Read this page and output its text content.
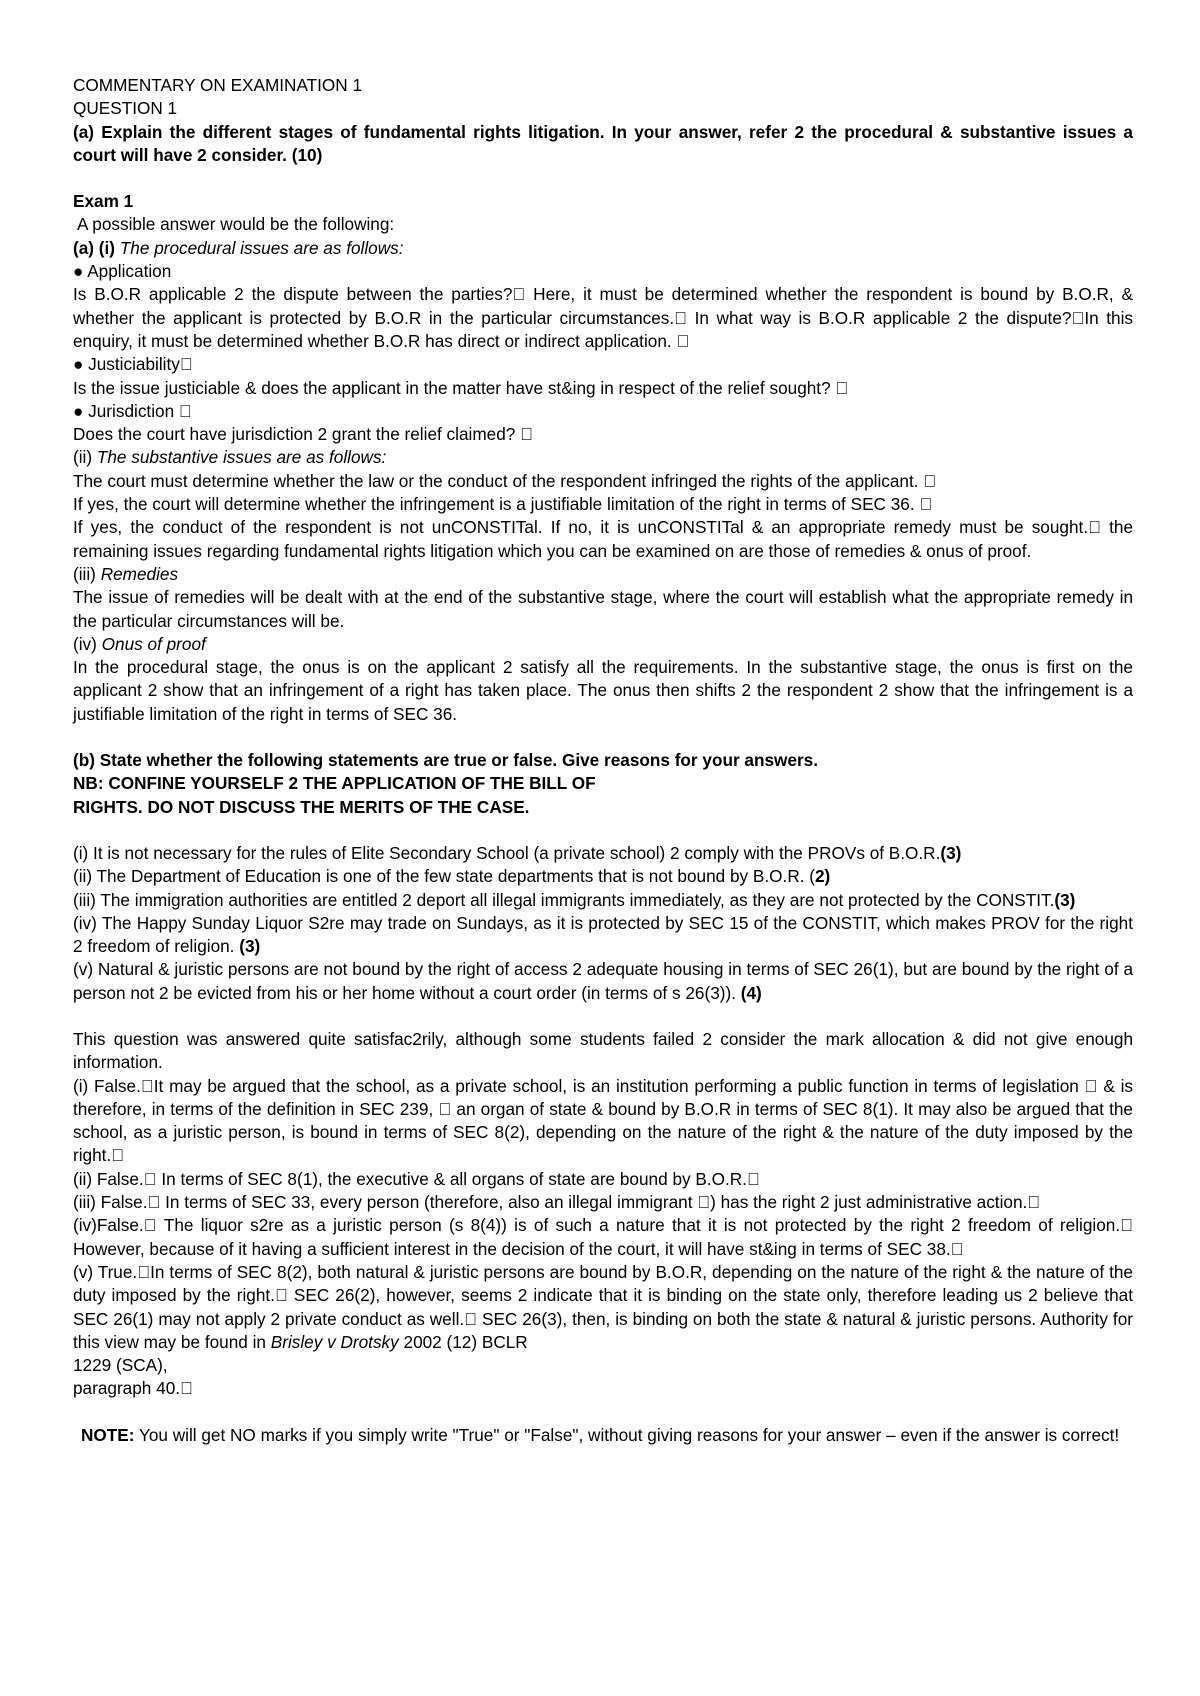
COMMENTARY ON EXAMINATION 1

QUESTION 1

(a) Explain the different stages of fundamental rights litigation. In your answer, refer 2 the procedural & substantive issues a court will have 2 consider. (10)

Exam 1

A possible answer would be the following:

(a) (i) The procedural issues are as follows:

● Application

Is B.O.R applicable 2 the dispute between the parties? Here, it must be determined whether the respondent is bound by B.O.R, & whether the applicant is protected by B.O.R in the particular circumstances. In what way is B.O.R applicable 2 the dispute? In this enquiry, it must be determined whether B.O.R has direct or indirect application.

● Justiciability

Is the issue justiciable & does the applicant in the matter have st&ing in respect of the relief sought?

● Jurisdiction

Does the court have jurisdiction 2 grant the relief claimed?

(ii) The substantive issues are as follows:

The court must determine whether the law or the conduct of the respondent infringed the rights of the applicant.

If yes, the court will determine whether the infringement is a justifiable limitation of the right in terms of SEC 36.

If yes, the conduct of the respondent is not unCONSTITal. If no, it is unCONSTITal & an appropriate remedy must be sought. the remaining issues regarding fundamental rights litigation which you can be examined on are those of remedies & onus of proof.

(iii) Remedies

The issue of remedies will be dealt with at the end of the substantive stage, where the court will establish what the appropriate remedy in the particular circumstances will be.

(iv) Onus of proof

In the procedural stage, the onus is on the applicant 2 satisfy all the requirements. In the substantive stage, the onus is first on the applicant 2 show that an infringement of a right has taken place. The onus then shifts 2 the respondent 2 show that the infringement is a justifiable limitation of the right in terms of SEC 36.

(b) State whether the following statements are true or false. Give reasons for your answers.

NB: CONFINE YOURSELF 2 THE APPLICATION OF THE BILL OF

RIGHTS. DO NOT DISCUSS THE MERITS OF THE CASE.

(i) It is not necessary for the rules of Elite Secondary School (a private school) 2 comply with the PROVs of B.O.R.(3)

(ii) The Department of Education is one of the few state departments that is not bound by B.O.R. (2)

(iii) The immigration authorities are entitled 2 deport all illegal immigrants immediately, as they are not protected by the CONSTIT.(3)

(iv) The Happy Sunday Liquor S2re may trade on Sundays, as it is protected by SEC 15 of the CONSTIT, which makes PROV for the right 2 freedom of religion. (3)

(v) Natural & juristic persons are not bound by the right of access 2 adequate housing in terms of SEC 26(1), but are bound by the right of a person not 2 be evicted from his or her home without a court order (in terms of s 26(3)). (4)

This question was answered quite satisfac2rily, although some students failed 2 consider the mark allocation & did not give enough information.

(i) False. It may be argued that the school, as a private school, is an institution performing a public function in terms of legislation & is therefore, in terms of the definition in SEC 239, an organ of state & bound by B.O.R in terms of SEC 8(1). It may also be argued that the school, as a juristic person, is bound in terms of SEC 8(2), depending on the nature of the right & the nature of the duty imposed by the right.

(ii) False. In terms of SEC 8(1), the executive & all organs of state are bound by B.O.R.

(iii) False. In terms of SEC 33, every person (therefore, also an illegal immigrant ) has the right 2 just administrative action.

(iv)False. The liquor s2re as a juristic person (s 8(4)) is of such a nature that it is not protected by the right 2 freedom of religion. However, because of it having a sufficient interest in the decision of the court, it will have st&ing in terms of SEC 38.

(v) True. In terms of SEC 8(2), both natural & juristic persons are bound by B.O.R, depending on the nature of the right & the nature of the duty imposed by the right. SEC 26(2), however, seems 2 indicate that it is binding on the state only, therefore leading us 2 believe that SEC 26(1) may not apply 2 private conduct as well. SEC 26(3), then, is binding on both the state & natural & juristic persons. Authority for this view may be found in Brisley v Drotsky 2002 (12) BCLR

1229 (SCA),

paragraph 40.

NOTE: You will get NO marks if you simply write "True" or "False", without giving reasons for your answer – even if the answer is correct!
